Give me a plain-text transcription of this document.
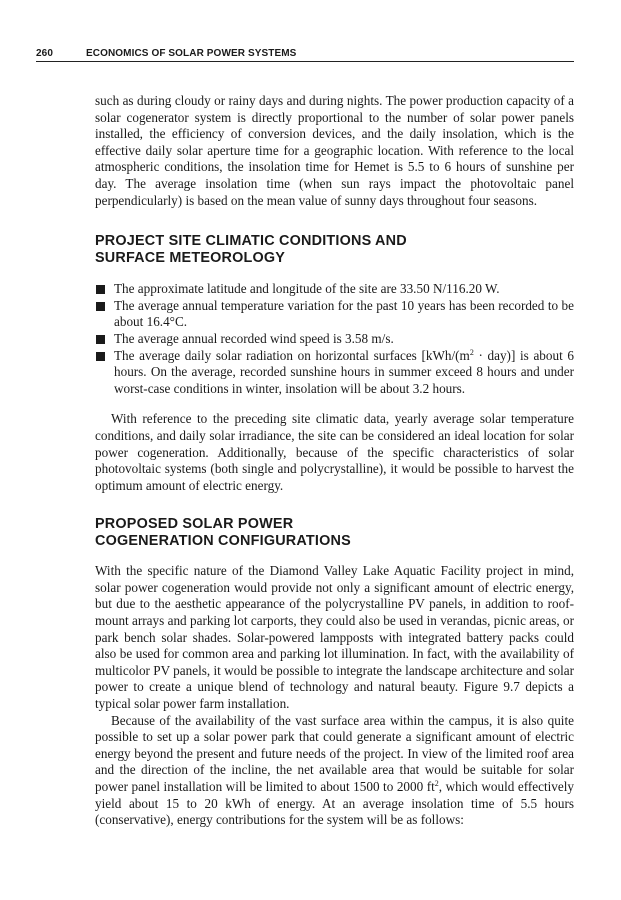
260	ECONOMICS OF SOLAR POWER SYSTEMS

such as during cloudy or rainy days and during nights. The power production capacity of a solar cogenerator system is directly proportional to the number of solar power panels installed, the efficiency of conversion devices, and the daily insolation, which is the effective daily solar aperture time for a geographic location. With reference to the local atmospheric conditions, the insolation time for Hemet is 5.5 to 6 hours of sunshine per day. The average insolation time (when sun rays impact the photovoltaic panel perpendicularly) is based on the mean value of sunny days throughout four seasons.

PROJECT SITE CLIMATIC CONDITIONS AND
SURFACE METEOROLOGY
The approximate latitude and longitude of the site are 33.50 N/116.20 W.
The average annual temperature variation for the past 10 years has been recorded to be about 16.4°C.
The average annual recorded wind speed is 3.58 m/s.
The average daily solar radiation on horizontal surfaces $[kWh/(m^2 \cdot day)]$ is about 6 hours. On the average, recorded sunshine hours in summer exceed 8 hours and under worst-case conditions in winter, insolation will be about 3.2 hours.

With reference to the preceding site climatic data, yearly average solar temperature conditions, and daily solar irradiance, the site can be considered an ideal location for solar power cogeneration. Additionally, because of the specific characteristics of solar photovoltaic systems (both single and polycrystalline), it would be possible to harvest the optimum amount of electric energy.

PROPOSED SOLAR POWER
COGENERATION CONFIGURATIONS

With the specific nature of the Diamond Valley Lake Aquatic Facility project in mind, solar power cogeneration would provide not only a significant amount of electric energy, but due to the aesthetic appearance of the polycrystalline PV panels, in addition to roof-mount arrays and parking lot carports, they could also be used in verandas, picnic areas, or park bench solar shades. Solar-powered lampposts with integrated battery packs could also be used for common area and parking lot illumination. In fact, with the availability of multicolor PV panels, it would be possible to integrate the landscape architecture and solar power to create a unique blend of technology and natural beauty. Figure 9.7 depicts a typical solar power farm installation.

Because of the availability of the vast surface area within the campus, it is also quite possible to set up a solar power park that could generate a significant amount of electric energy beyond the present and future needs of the project. In view of the limited roof area and the direction of the incline, the net available area that would be suitable for solar power panel installation will be limited to about 1500 to 2000 $ft^2$, which would effectively yield about 15 to 20 kWh of energy. At an average insolation time of 5.5 hours (conservative), energy contributions for the system will be as follows:
